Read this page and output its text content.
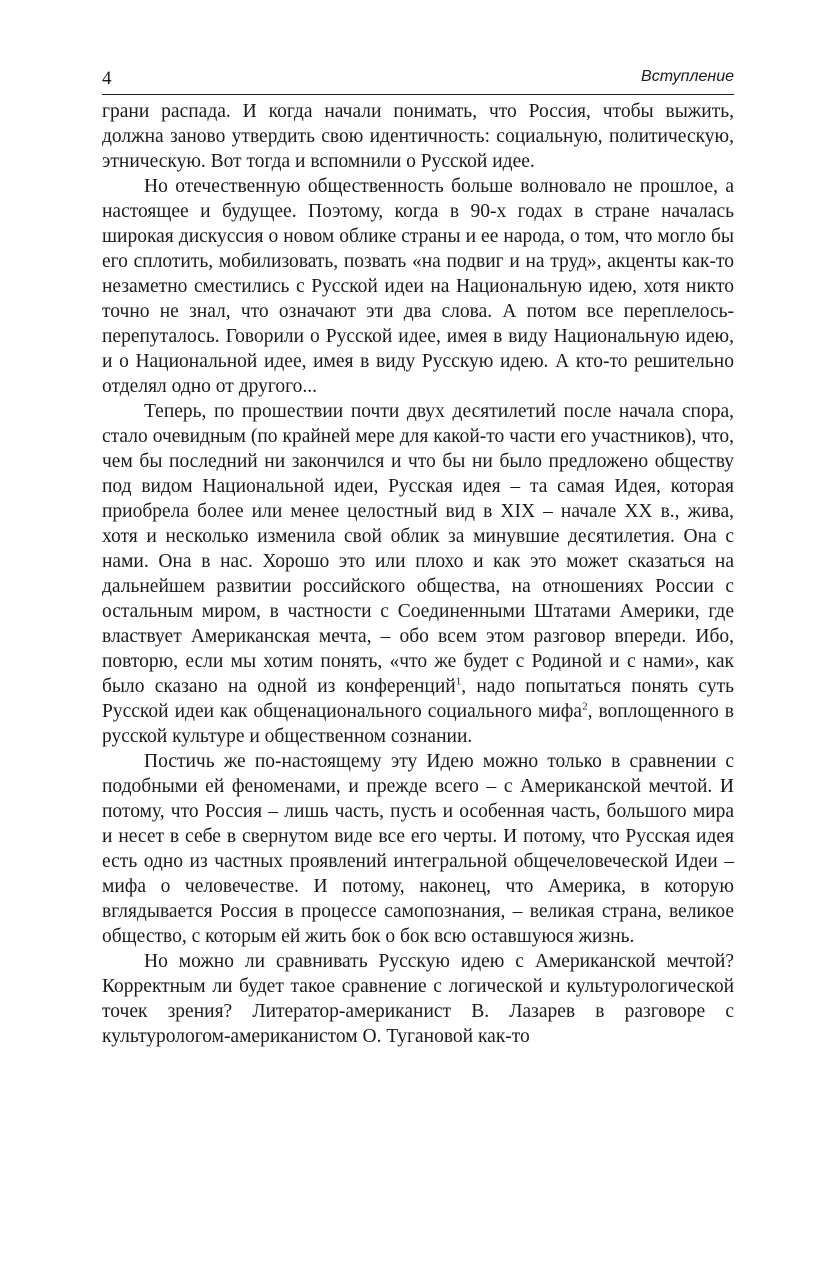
4	Вступление

грани распада. И когда начали понимать, что Россия, чтобы выжить, должна заново утвердить свою идентичность: социальную, политическую, этническую. Вот тогда и вспомнили о Русской идее.

Но отечественную общественность больше волновало не прошлое, а настоящее и будущее. Поэтому, когда в 90-х годах в стране началась широкая дискуссия о новом облике страны и ее народа, о том, что могло бы его сплотить, мобилизовать, позвать «на подвиг и на труд», акценты как-то незаметно сместились с Русской идеи на Национальную идею, хотя никто точно не знал, что означают эти два слова. А потом все переплелось-перепуталось. Говорили о Русской идее, имея в виду Национальную идею, и о Национальной идее, имея в виду Русскую идею. А кто-то решительно отделял одно от другого...

Теперь, по прошествии почти двух десятилетий после начала спора, стало очевидным (по крайней мере для какой-то части его участников), что, чем бы последний ни закончился и что бы ни было предложено обществу под видом Национальной идеи, Русская идея – та самая Идея, которая приобрела более или менее целостный вид в XIX – начале XX в., жива, хотя и несколько изменила свой облик за минувшие десятилетия. Она с нами. Она в нас. Хорошо это или плохо и как это может сказаться на дальнейшем развитии российского общества, на отношениях России с остальным миром, в частности с Соединенными Штатами Америки, где властвует Американская мечта, – обо всем этом разговор впереди. Ибо, повторю, если мы хотим понять, «что же будет с Родиной и с нами», как было сказано на одной из конференций$^1$, надо попытаться понять суть Русской идеи как общенационального социального мифа$^2$, воплощенного в русской культуре и общественном сознании.

Постичь же по-настоящему эту Идею можно только в сравнении с подобными ей феноменами, и прежде всего – с Американской мечтой. И потому, что Россия – лишь часть, пусть и особенная часть, большого мира и несет в себе в свернутом виде все его черты. И потому, что Русская идея есть одно из частных проявлений интегральной общечеловеческой Идеи – мифа о человечестве. И потому, наконец, что Америка, в которую вглядывается Россия в процессе самопознания, – великая страна, великое общество, с которым ей жить бок о бок всю оставшуюся жизнь.

Но можно ли сравнивать Русскую идею с Американской мечтой? Корректным ли будет такое сравнение с логической и культурологической точек зрения? Литератор-американист В. Лазарев в разговоре с культурологом-американистом О. Тугановой как-то
